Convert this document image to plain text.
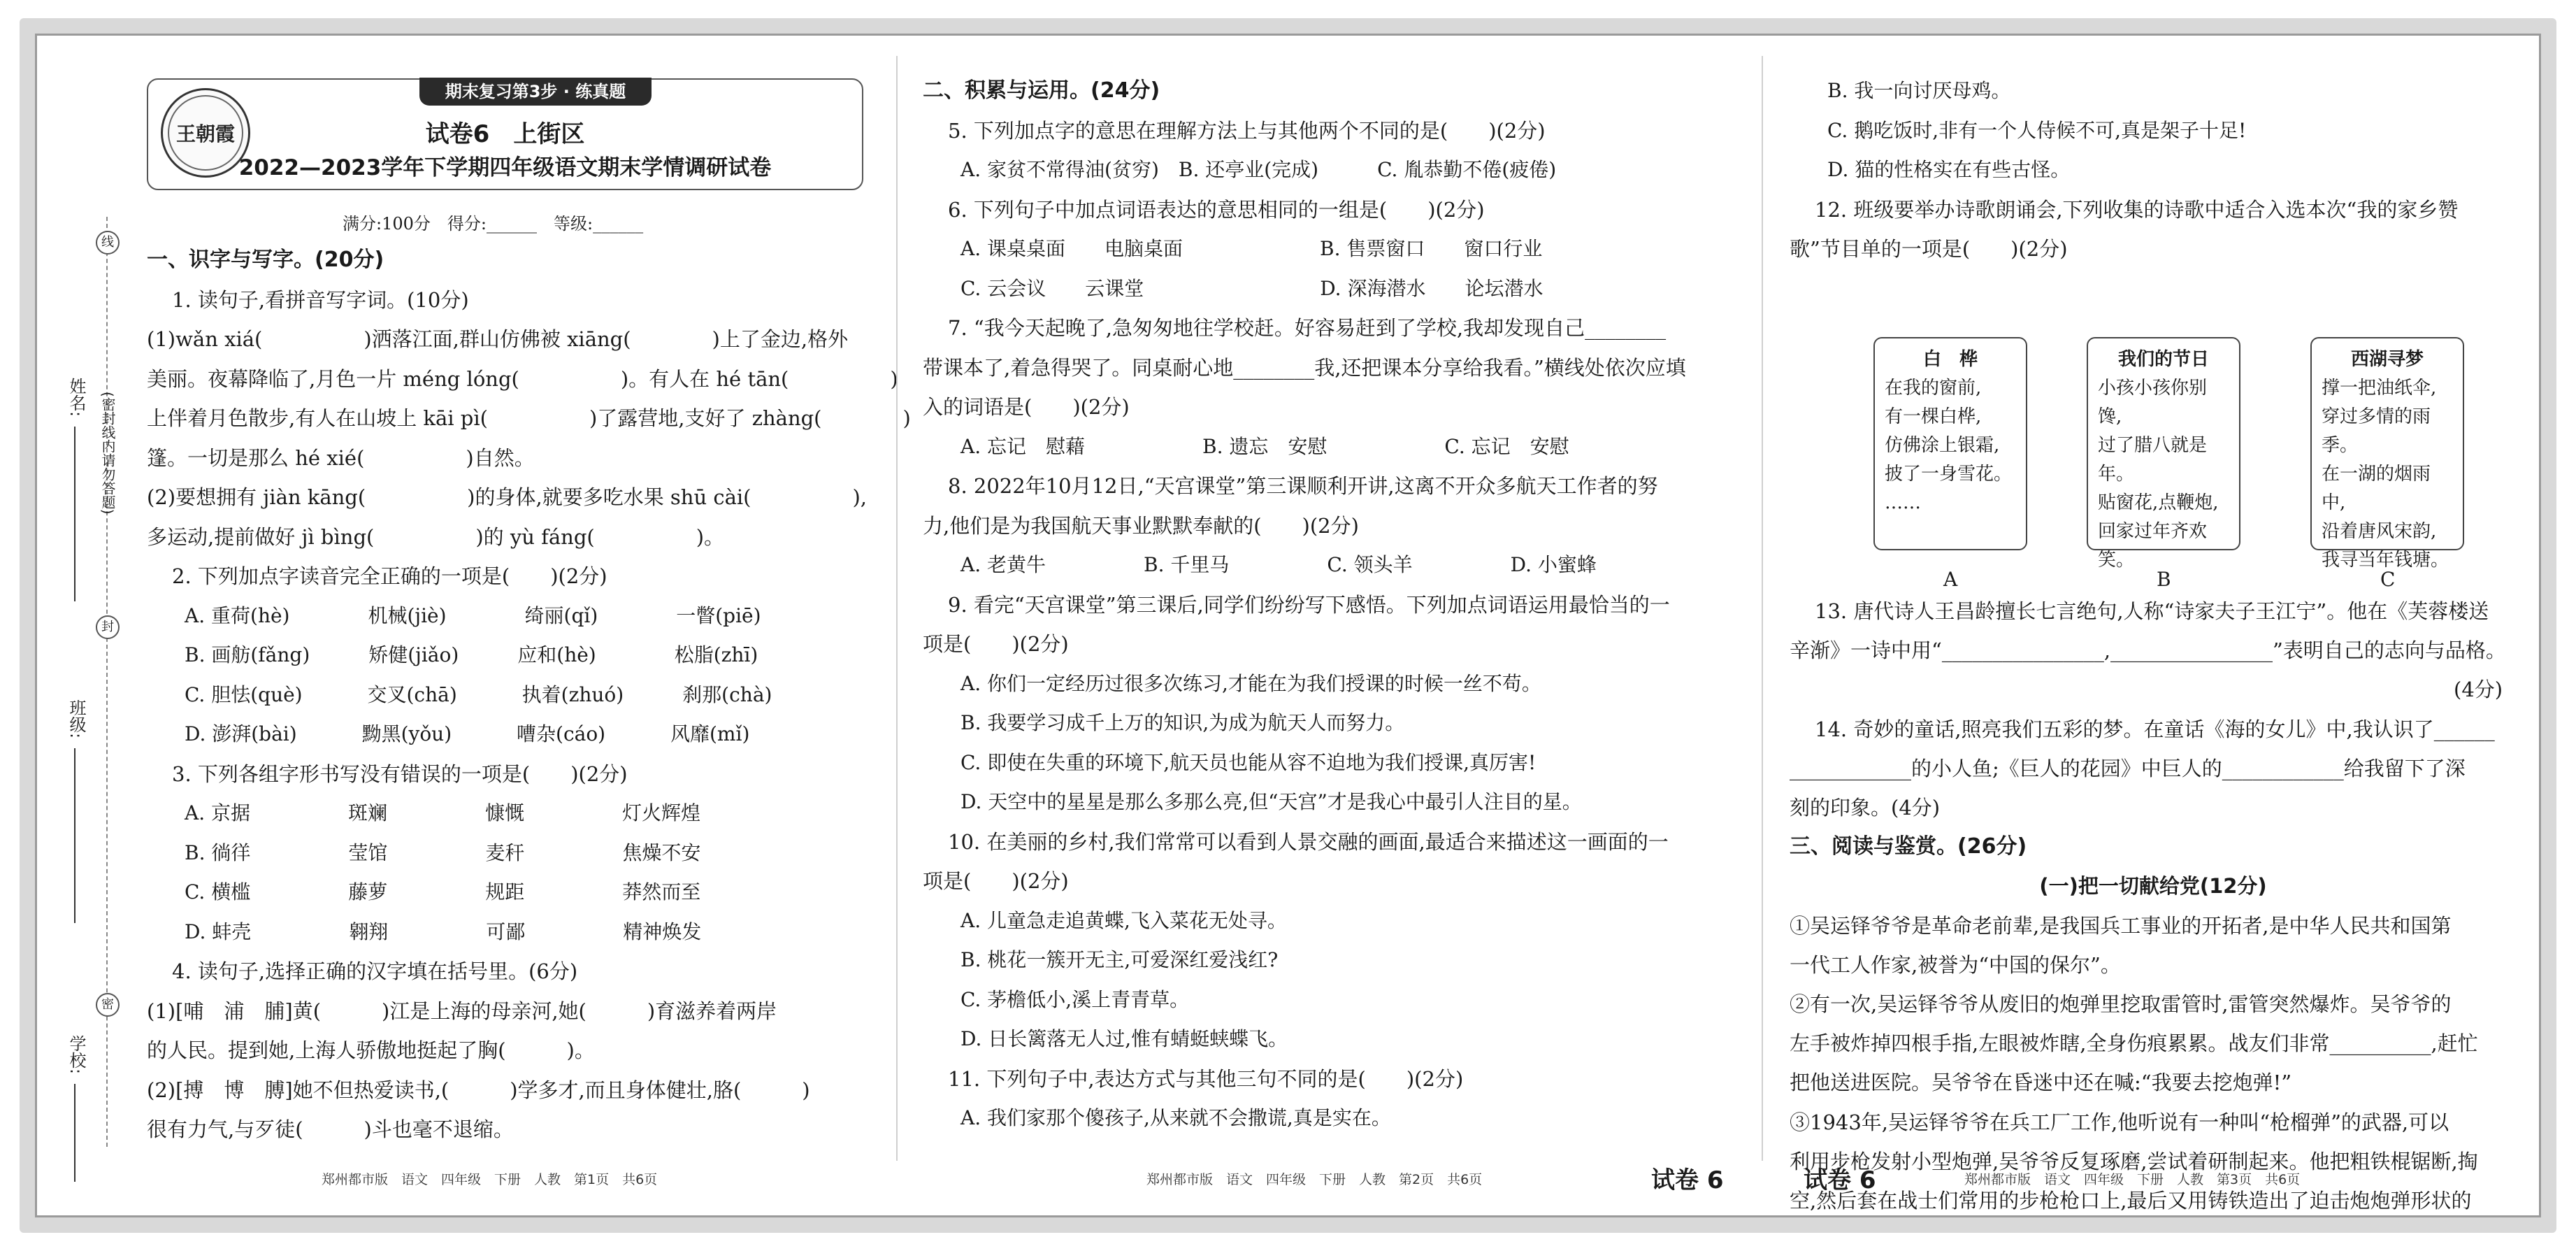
线
封
密
(密封线内请勿答题)
姓名:
班级:
学校:
王朝霞
期末复习第3步 · 练真题
试卷6　上街区
2022—2023学年下学期四年级语文期末学情调研试卷
满分:100分　得分:______　等级:______
一、识字与写字。(20分)
1. 读句子,看拼音写字词。(10分)
(1)wǎn xiá(　　　　　)洒落江面,群山仿佛被 xiāng(　　　　)上了金边,格外
美丽。夜幕降临了,月色一片 méng lóng(　　　　　)。有人在 hé tān(　　　　　)
上伴着月色散步,有人在山坡上 kāi pì(　　　　　)了露营地,支好了 zhàng(　　　　)
篷。一切是那么 hé xié(　　　　　)自然。
(2)要想拥有 jiàn kāng(　　　　　)的身体,就要多吃水果 shū cài(　　　　　),
多运动,提前做好 jì bìng(　　　　　)的 yù fáng(　　　　　)。
2. 下列加点字读音完全正确的一项是(　　)(2分)
A. 重荷(hè)　　　　机械(jiè)　　　　绮丽(qǐ)　　　　一瞥(piē)
B. 画舫(fǎng)　　　矫健(jiǎo)　　　应和(hè)　　　　松脂(zhī)
C. 胆怯(què)　　　 交叉(chā)　　　 执着(zhuó)　　　刹那(chà)
D. 澎湃(bài)　　　 黝黑(yǒu)　　　 嘈杂(cáo)　　　 风靡(mǐ)
3. 下列各组字形书写没有错误的一项是(　　)(2分)
A. 京据　　　　　斑斓　　　　　慷慨　　　　　灯火辉煌
B. 徜徉　　　　　莹馆　　　　　麦秆　　　　　焦燥不安
C. 横槛　　　　　藤萝　　　　　规距　　　　　莽然而至
D. 蚌壳　　　　　翱翔　　　　　可鄙　　　　　精神焕发
4. 读句子,选择正确的汉字填在括号里。(6分)
(1)[哺　浦　脯]黄(　　　)江是上海的母亲河,她(　　　)育滋养着两岸
的人民。提到她,上海人骄傲地挺起了胸(　　　)。
(2)[搏　博　膊]她不但热爱读书,(　　　)学多才,而且身体健壮,胳(　　　)
很有力气,与歹徒(　　　)斗也毫不退缩。
郑州都市版　语文　四年级　下册　人教　第1页　共6页
二、积累与运用。(24分)
5. 下列加点字的意思在理解方法上与其他两个不同的是(　　)(2分)
A. 家贫不常得油(贫穷)　B. 还亭业(完成)　　　C. 胤恭勤不倦(疲倦)
6. 下列句子中加点词语表达的意思相同的一组是(　　)(2分)
A. 课桌桌面　　电脑桌面　　　　　　　B. 售票窗口　　窗口行业
C. 云会议　　云课堂　　　　　　　　　D. 深海潜水　　论坛潜水
7. “我今天起晚了,急匆匆地往学校赶。好容易赶到了学校,我却发现自己________
带课本了,着急得哭了。同桌耐心地________我,还把课本分享给我看。”横线处依次应填
入的词语是(　　)(2分)
A. 忘记　慰藉　　　　　　B. 遗忘　安慰　　　　　　C. 忘记　安慰
8. 2022年10月12日,“天宫课堂”第三课顺利开讲,这离不开众多航天工作者的努
力,他们是为我国航天事业默默奉献的(　　)(2分)
A. 老黄牛　　　　　B. 千里马　　　　　C. 领头羊　　　　　D. 小蜜蜂
9. 看完“天宫课堂”第三课后,同学们纷纷写下感悟。下列加点词语运用最恰当的一
项是(　　)(2分)
A. 你们一定经历过很多次练习,才能在为我们授课的时候一丝不苟。
B. 我要学习成千上万的知识,为成为航天人而努力。
C. 即使在失重的环境下,航天员也能从容不迫地为我们授课,真厉害!
D. 天空中的星星是那么多那么亮,但“天宫”才是我心中最引人注目的星。
10. 在美丽的乡村,我们常常可以看到人景交融的画面,最适合来描述这一画面的一
项是(　　)(2分)
A. 儿童急走追黄蝶,飞入菜花无处寻。
B. 桃花一簇开无主,可爱深红爱浅红?
C. 茅檐低小,溪上青青草。
D. 日长篱落无人过,惟有蜻蜓蛱蝶飞。
11. 下列句子中,表达方式与其他三句不同的是(　　)(2分)
A. 我们家那个傻孩子,从来就不会撒谎,真是实在。
郑州都市版　语文　四年级　下册　人教　第2页　共6页	试卷 6
B. 我一向讨厌母鸡。
C. 鹅吃饭时,非有一个人侍候不可,真是架子十足!
D. 猫的性格实在有些古怪。
12. 班级要举办诗歌朗诵会,下列收集的诗歌中适合入选本次“我的家乡赞
歌”节目单的一项是(　　)(2分)
白　桦
在我的窗前,
有一棵白桦,
仿佛涂上银霜,
披了一身雪花。
……
A
我们的节日
小孩小孩你别馋,
过了腊八就是年。
贴窗花,点鞭炮,
回家过年齐欢笑。
B
西湖寻梦
撑一把油纸伞,
穿过多情的雨季。
在一湖的烟雨中,
沿着唐风宋韵,
我寻当年钱塘。
C
13. 唐代诗人王昌龄擅长七言绝句,人称“诗家夫子王江宁”。他在《芙蓉楼送
辛渐》一诗中用“________________,________________”表明自己的志向与品格。
(4分)
14. 奇妙的童话,照亮我们五彩的梦。在童话《海的女儿》中,我认识了______
____________的小人鱼;《巨人的花园》中巨人的____________给我留下了深
刻的印象。(4分)
三、阅读与鉴赏。(26分)
(一)把一切献给党(12分)
①吴运铎爷爷是革命老前辈,是我国兵工事业的开拓者,是中华人民共和国第
一代工人作家,被誉为“中国的保尔”。
②有一次,吴运铎爷爷从废旧的炮弹里挖取雷管时,雷管突然爆炸。吴爷爷的
左手被炸掉四根手指,左眼被炸瞎,全身伤痕累累。战友们非常__________,赶忙
把他送进医院。吴爷爷在昏迷中还在喊:“我要去挖炮弹!”
③1943年,吴运铎爷爷在兵工厂工作,他听说有一种叫“枪榴弹”的武器,可以
利用步枪发射小型炮弹,吴爷爷反复琢磨,尝试着研制起来。他把粗铁棍锯断,掏
空,然后套在战士们常用的步枪枪口上,最后又用铸铁造出了迫击炮炮弹形状的
试卷 6	郑州都市版　语文　四年级　下册　人教　第3页　共6页
